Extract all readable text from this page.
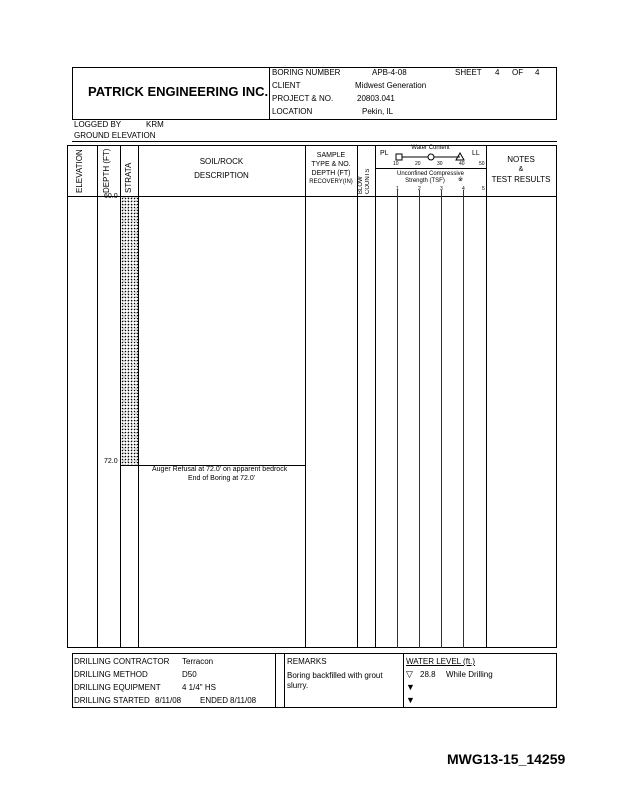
PATRICK ENGINEERING INC.
BORING NUMBER	APB-4-08	SHEET 4 OF 4
CLIENT	Midwest Generation
PROJECT & NO.	20803.041
LOCATION	Pekin, IL
LOGGED BY	KRM
GROUND ELEVATION
ELEVATION DEPTH (FT) STRATA
SOIL/ROCK
DESCRIPTION
SAMPLE
TYPE & NO.
DEPTH (FT)
RECOVERY(IN) BLOW COUNTS
PL	LL
Water Content
10	20	30	40	50
Unconfined Compressive
Strength (TSF)	※
1	2	3	4	5
NOTES
&
TEST RESULTS
60.0
72.0
Auger Refusal at 72.0' on apparent bedrock
End of Boring at 72.0'
DRILLING CONTRACTOR Terracon
DRILLING METHOD	D50
DRILLING EQUIPMENT	4 1/4" HS
DRILLING STARTED 8/11/08 ENDED 8/11/08
REMARKS
Boring backfilled with grout slurry.
WATER LEVEL (ft.)
▽ 28.8 While Drilling
▼
▼
MWG13-15_14259
